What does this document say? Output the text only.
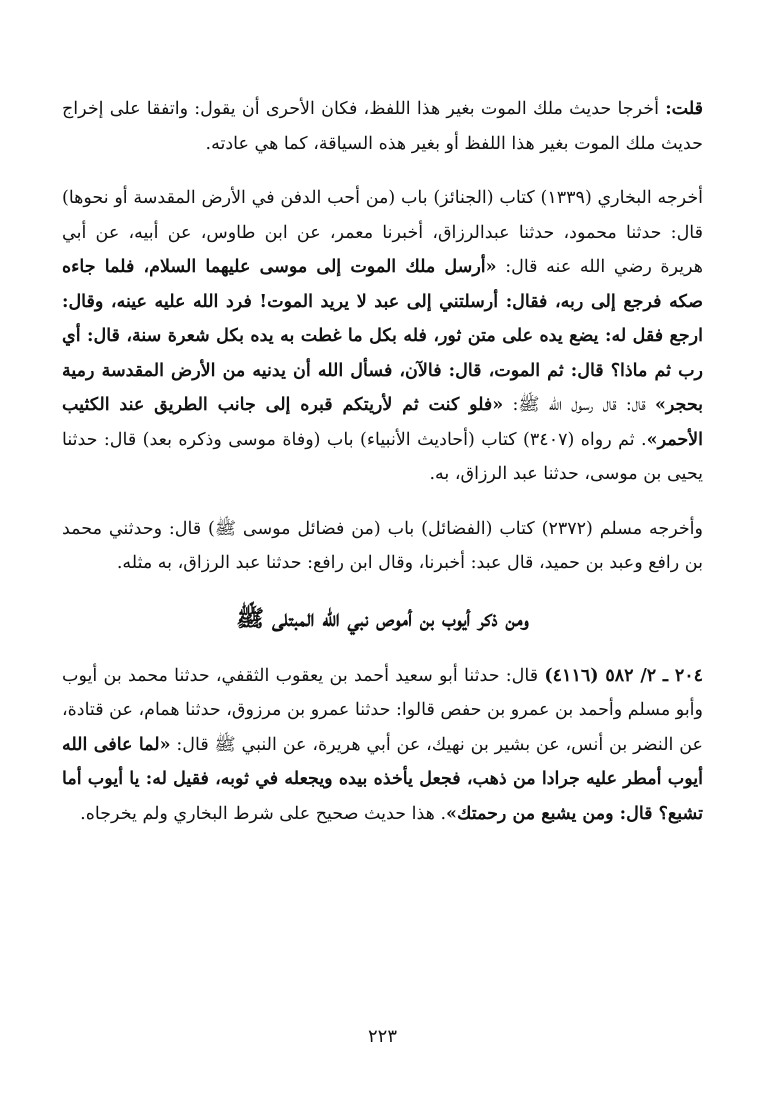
قلت: أخرجا حديث ملك الموت بغير هذا اللفظ، فكان الأحرى أن يقول: واتفقا على إخراج حديث ملك الموت بغير هذا اللفظ أو بغير هذه السياقة، كما هي عادته.

أخرجه البخاري (١٣٣٩) كتاب (الجنائز) باب (من أحب الدفن في الأرض المقدسة أو نحوها) قال: حدثنا محمود، حدثنا عبدالرزاق، أخبرنا معمر، عن ابن طاوس، عن أبيه، عن أبي هريرة رضي الله عنه قال: «أرسل ملك الموت إلى موسى عليهما السلام، فلما جاءه صكه فرجع إلى ربه، فقال: أرسلتني إلى عبد لا يريد الموت! فرد الله عليه عينه، وقال: ارجع فقل له: يضع يده على متن ثور، فله بكل ما غطت به يده بكل شعرة سنة، قال: أي رب ثم ماذا؟ قال: ثم الموت، قال: فالآن، فسأل الله أن يدنيه من الأرض المقدسة رمية بحجر» قال: قال رسول الله ﷺ: «فلو كنت ثم لأريتكم قبره إلى جانب الطريق عند الكثيب الأحمر». ثم رواه (٣٤٠٧) كتاب (أحاديث الأنبياء) باب (وفاة موسى وذكره بعد) قال: حدثنا يحيى بن موسى، حدثنا عبد الرزاق، به.

وأخرجه مسلم (٢٣٧٢) كتاب (الفضائل) باب (من فضائل موسى ﷺ) قال: وحدثني محمد بن رافع وعبد بن حميد، قال عبد: أخبرنا، وقال ابن رافع: حدثنا عبد الرزاق، به مثله.

ومن ذكر أيوب بن أموص نبي الله المبتلى ﷺ

٢٠٤ ـ ٢/ ٥٨٢ (٤١١٦) قال: حدثنا أبو سعيد أحمد بن يعقوب الثقفي، حدثنا محمد بن أيوب وأبو مسلم وأحمد بن عمرو بن حفص قالوا: حدثنا عمرو بن مرزوق، حدثنا همام، عن قتادة، عن النضر بن أنس، عن بشير بن نهيك، عن أبي هريرة، عن النبي ﷺ قال: «لما عافى الله أيوب أمطر عليه جرادا من ذهب، فجعل يأخذه بيده ويجعله في ثوبه، فقيل له: يا أيوب أما تشبع؟ قال: ومن يشبع من رحمتك». هذا حديث صحيح على شرط البخاري ولم يخرجاه.

٢٢٣
